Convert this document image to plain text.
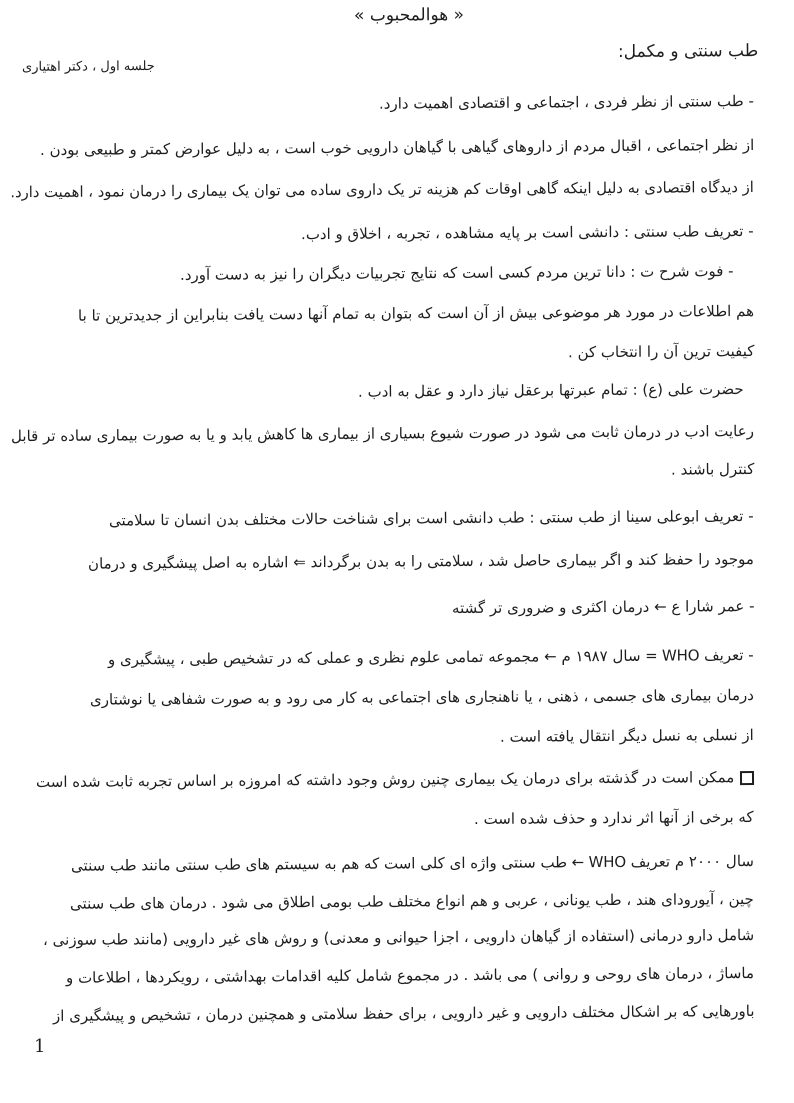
« هوالمحبوب »
طب سنتی و مکمل:
جلسه اول ، دکتر اهتیاری
- طب سنتی از نظر فردی ، اجتماعی و اقتصادی اهمیت دارد.
از نظر اجتماعی ، اقبال مردم از داروهای گیاهی با گیاهان دارویی خوب است ، به دلیل عوارض کمتر و طبیعی بودن .
از دیدگاه اقتصادی به دلیل اینکه گاهی اوقات کم هزینه تر یک داروی ساده می توان یک بیماری را درمان نمود ، اهمیت دارد.
- تعریف طب سنتی : دانشی است بر پایه مشاهده ، تجربه ، اخلاق و ادب.
- فوت شرح ت : دانا ترین مردم کسی است که نتایج تجربیات دیگران را نیز به دست آورد.
هم اطلاعات در مورد هر موضوعی بیش از آن است که بتوان به تمام آنها دست یافت بنابراین از جدیدترین تا با
کیفیت ترین آن را انتخاب کن .
حضرت علی (ع) : تمام عبرتها برعقل نیاز دارد و عقل به ادب .
رعایت ادب در درمان ثابت می شود در صورت شیوع بسیاری از بیماری ها کاهش یابد و یا به صورت بیماری ساده تر قابل
کنترل باشند .
- تعریف ابوعلی سینا از طب سنتی : طب دانشی است برای شناخت حالات مختلف بدن انسان تا سلامتی
موجود را حفظ کند و اگر بیماری حاصل شد ، سلامتی را به بدن برگرداند ⇐ اشاره به اصل پیشگیری و درمان
- عمر شارا ع ← درمان اکثری و ضروری تر گشته
- تعریف WHO = سال ۱۹۸۷ م ← مجموعه تمامی علوم نظری و عملی که در تشخیص طبی ، پیشگیری و
درمان بیماری های جسمی ، ذهنی ، یا ناهنجاری های اجتماعی به کار می رود و به صورت شفاهی یا نوشتاری
از نسلی به نسل دیگر انتقال یافته است .
ممکن است در گذشته برای درمان یک بیماری چنین روش وجود داشته که امروزه بر اساس تجربه ثابت شده است
که برخی از آنها اثر ندارد و حذف شده است .
سال ۲۰۰۰ م تعریف WHO ← طب سنتی واژه ای کلی است که هم به سیستم های طب سنتی مانند طب سنتی
چین ، آیورودای هند ، طب یونانی ، عربی و هم انواع مختلف طب بومی اطلاق می شود . درمان های طب سنتی
شامل دارو درمانی (استفاده از گیاهان دارویی ، اجزا حیوانی و معدنی) و روش های غیر دارویی (مانند طب سوزنی ،
ماساژ ، درمان های روحی و روانی ) می باشد . در مجموع شامل کلیه اقدامات بهداشتی ، رویکردها ، اطلاعات و
باورهایی که بر اشکال مختلف دارویی و غیر دارویی ، برای حفظ سلامتی و همچنین درمان ، تشخیص و پیشگیری از
1
